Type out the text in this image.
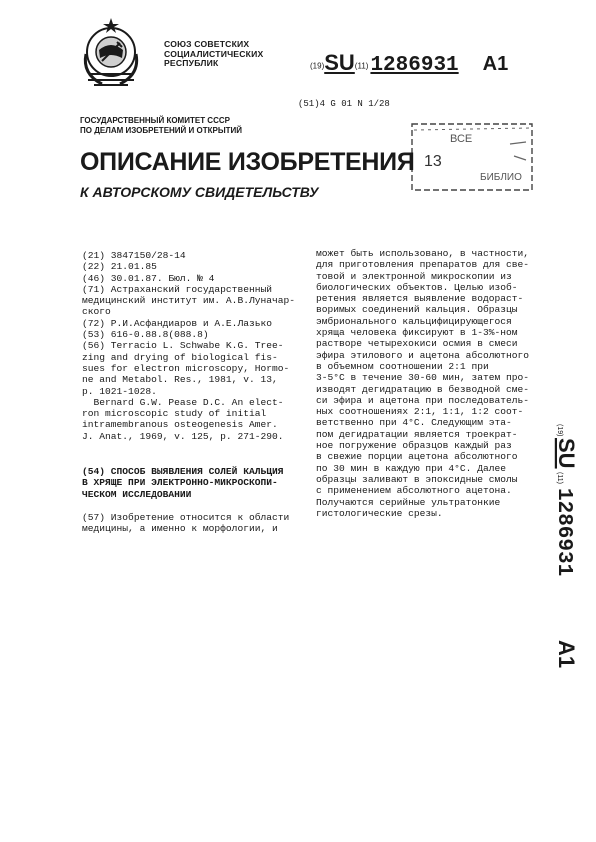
СОЮЗ СОВЕТСКИХ
СОЦИАЛИСТИЧЕСКИХ
РЕСПУБЛИК	(19)SU(11)1286931 A1
(51)4 G 01 N 1/28
ГОСУДАРСТВЕННЫЙ КОМИТЕТ СССР
ПО ДЕЛАМ ИЗОБРЕТЕНИЙ И ОТКРЫТИЙ
ВСЕ
13
БИБЛИО
ОПИСАНИЕ ИЗОБРЕТЕНИЯ
К АВТОРСКОМУ СВИДЕТЕЛЬСТВУ
(21) 3847150/28-14
(22) 21.01.85
(46) 30.01.87. Бюл. № 4
(71) Астраханский государственный
медицинский институт им. А.В.Луначар-
ского
(72) Р.И.Асфандиаров и А.Е.Лазько
(53) 616-0.88.8(088.8)
(56) Terracio L. Schwabe K.G. Tree-
zing and drying of biological fis-
sues for electron microscopy, Hormo-
ne and Metabol. Res., 1981, v. 13,
p. 1021-1028.
Bernard G.W. Pease D.C. An elect-
ron microscopic study of initial
intramembranous osteogenesis Amer.
J. Anat., 1969, v. 125, p. 271-290.
(54) СПОСОБ ВЫЯВЛЕНИЯ СОЛЕЙ КАЛЬЦИЯ
В ХРЯЩЕ ПРИ ЭЛЕКТРОННО-МИКРОСКОПИ-
ЧЕСКОМ ИССЛЕДОВАНИИ
(57) Изобретение относится к области
медицины, а именно к морфологии, и
может быть использовано, в частности,
для приготовления препаратов для све-
товой и электронной микроскопии из
биологических объектов. Целью изоб-
ретения является выявление водораст-
воримых соединений кальция. Образцы
эмбрионального кальцифицирующегося
хряща человека фиксируют в 1-3%-ном
растворе четырехокиси осмия в смеси
эфира этилового и ацетона абсолютного
в объемном соотношении 2:1 при
3-5°С в течение 30-60 мин, затем про-
изводят дегидратацию в безводной сме-
си эфира и ацетона при последователь-
ных соотношениях 2:1, 1:1, 1:2 соот-
ветственно при 4°С. Следующим эта-
пом дегидратации является троекрат-
ное погружение образцов каждый раз
в свежие порции ацетона абсолютного
по 30 мин в каждую при 4°С. Далее
образцы заливают в эпоксидные смолы
с применением абсолютного ацетона.
Получаются серийные ультратонкие
гистологические срезы.
(19)
SU
(11)
1286931
A1
